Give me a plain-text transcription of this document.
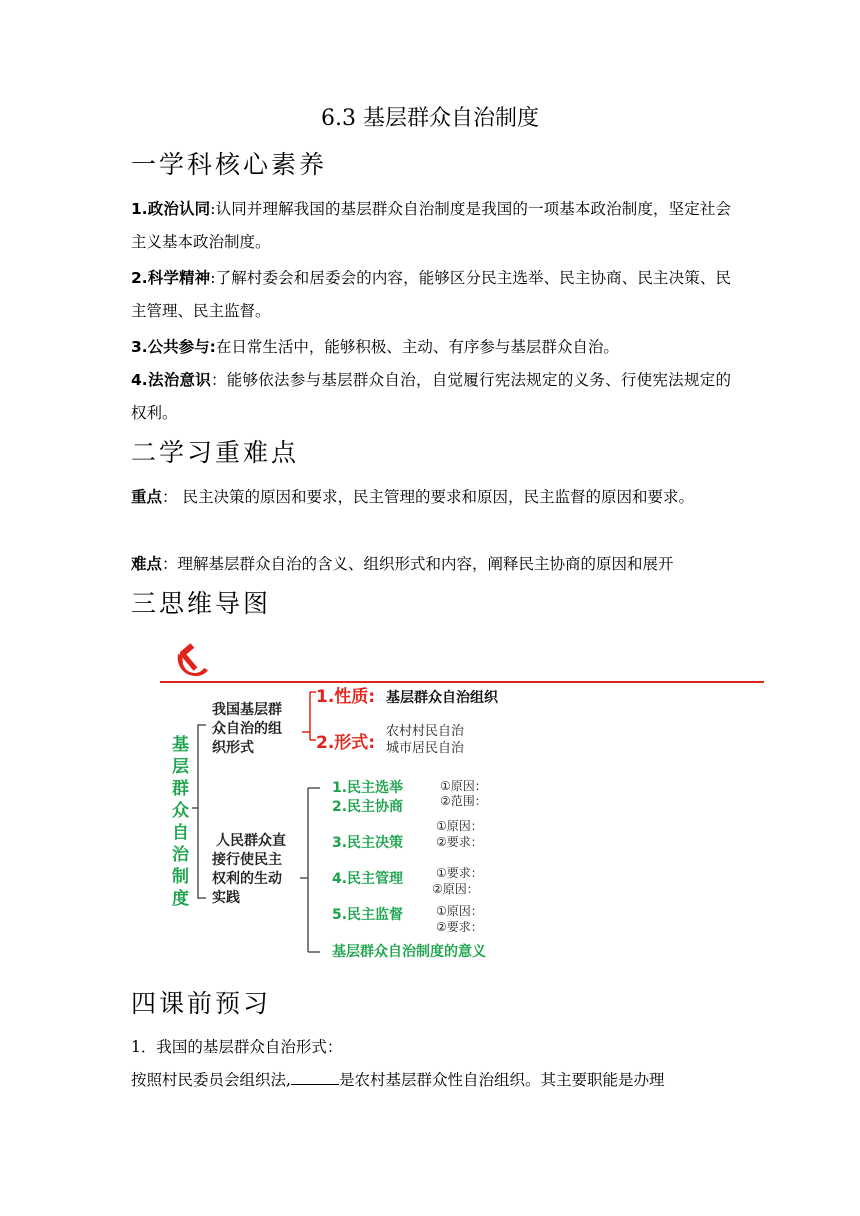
6.3 基层群众自治制度
一学科核心素养
1.政治认同:认同并理解我国的基层群众自治制度是我国的一项基本政治制度，坚定社会主义基本政治制度。
2.科学精神:了解村委会和居委会的内容，能够区分民主选举、民主协商、民主决策、民主管理、民主监督。
3.公共参与:在日常生活中，能够积极、主动、有序参与基层群众自治。
4.法治意识：能够依法参与基层群众自治，自觉履行宪法规定的义务、行使宪法规定的权利。
二学习重难点
重点： 民主决策的原因和要求，民主管理的要求和原因，民主监督的原因和要求。
难点：理解基层群众自治的含义、组织形式和内容，阐释民主协商的原因和展开
三思维导图
基
层
群
众
自
治
制
度
我国基层群
众自治的组
织形式
1.性质: 基层群众自治组织
2.形式:
农村村民自治
城市居民自治
人民群众直
接行使民主
权利的生动
实践
1.民主选举
2.民主协商
3.民主决策
4.民主管理
5.民主监督
基层群众自治制度的意义
①原因：
②范围：
①原因：
②要求：
①要求：
②原因：
①原因：
②要求：
四课前预习
1．我国的基层群众自治形式：
按照村民委员会组织法,	是农村基层群众性自治组织。其主要职能是办理
